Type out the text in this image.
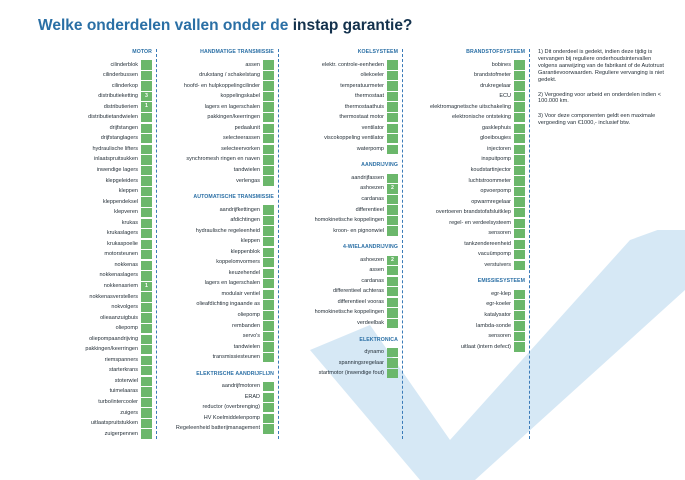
Welke onderdelen vallen onder de instap garantie?
MOTOR
cilinderblok
cilinderbussen
cilinderkop
distributieketting	3
distributieriem	1
distributietandwielen
drijfstangen
drijfstanglagers
hydraulische lifters
inlaatspruitsukken
inwendige lagers
klepgeleiders
kleppen
kleppendeksel
klepveren
krukas
krukaslagers
krukaspoelie
motorsteunen
nokkenas
nokkenaslagers
nokkenasriem	1
nokkenasverstellers
nokvolgers
olieaanzuigbuis
oliepomp
oliepompaandrijving
pakkingen/keerringen
riemspanners
starterkrans
stoterwiel
tuimelaaras
turbo/intercooler
zuigers
uitlaatspruitstukken
zuigerpennen
HANDMATIGE TRANSMISSIE
assen
drukstang / schakelstang
hoofd- en hulpkoppelingcilinder
koppelingskabel
lagers en lagerschalen
pakkingen/keerringen
pedaalunit
selecteerassen
selecteervorken
synchromesh ringen en naven
tandwielen
verlengas
AUTOMATISCHE TRANSMISSIE
aandrijfkettingen
afdichtingen
hydraulische regeleenheid
kleppen
kleppenblok
koppelomvormers
keuzehendel
lagers en lagerschalen
modulair ventiel
olieafdichting ingaande as
oliepomp
rembanden
servo's
tandwielen
transmissiesteunen
ELEKTRISCHE AANDRIJFLIJN
aandrijfmotoren
ERAD
reductor (overbrenging)
HV Koelmiddelenpomp
Regeleenheid batterijmanagement
KOELSYSTEEM
elektr. controle-eenheden
oliekoeler
temperatuurmeter
thermostaat
thermostaathuis
thermostaat motor
ventilator
viscokoppeling ventilator
waterpomp
AANDRIJVING
aandrijfassen
ashoezen	2
cardanas
differentieel
homokinetische koppelingen
kroon- en pignonwiel
4-WIELAANDRIJVING
ashoezen	2
assen
cardanas
differentieel achteras
differentieel vooras
homokinetische koppelingen
verdeelbak
ELEKTRONICA
dynamo
spanningsregelaar
startmotor (inwendige fout)
BRANDSTOFSYSTEEM
bobines
brandstofmeter
drukregelaar
ECU
elektromagnetische uitschakeling
elektronische ontsteking
gasklephuis
gloeibougies
injectoren
inspuitpomp
koudstartinjector
luchtstroommeter
opvoerpomp
opwarmregelaar
overtoeren brandstofafsluitklep
regel- en verdeelsysteem
sensoren
tankzendereenheid
vacuümpomp
verstuivers
EMISSIESYSTEEM
egr-klep
egr-koeler
katalysator
lambda-sonde
sensoren
uitlaat (intern defect)

1) Dit onderdeel is gedekt, indien deze tijdig is vervangen bij reguliere onderhoudsintervallen volgens aanwijzing van de fabrikant of de Autotrust Garantievoorwaarden. Reguliere vervanging is niet gedekt.

2) Vergoeding voor arbeid en onderdelen indien < 100.000 km.

3) Voor deze componenten geldt een maximale vergoeding van €1000,- inclusief btw.
